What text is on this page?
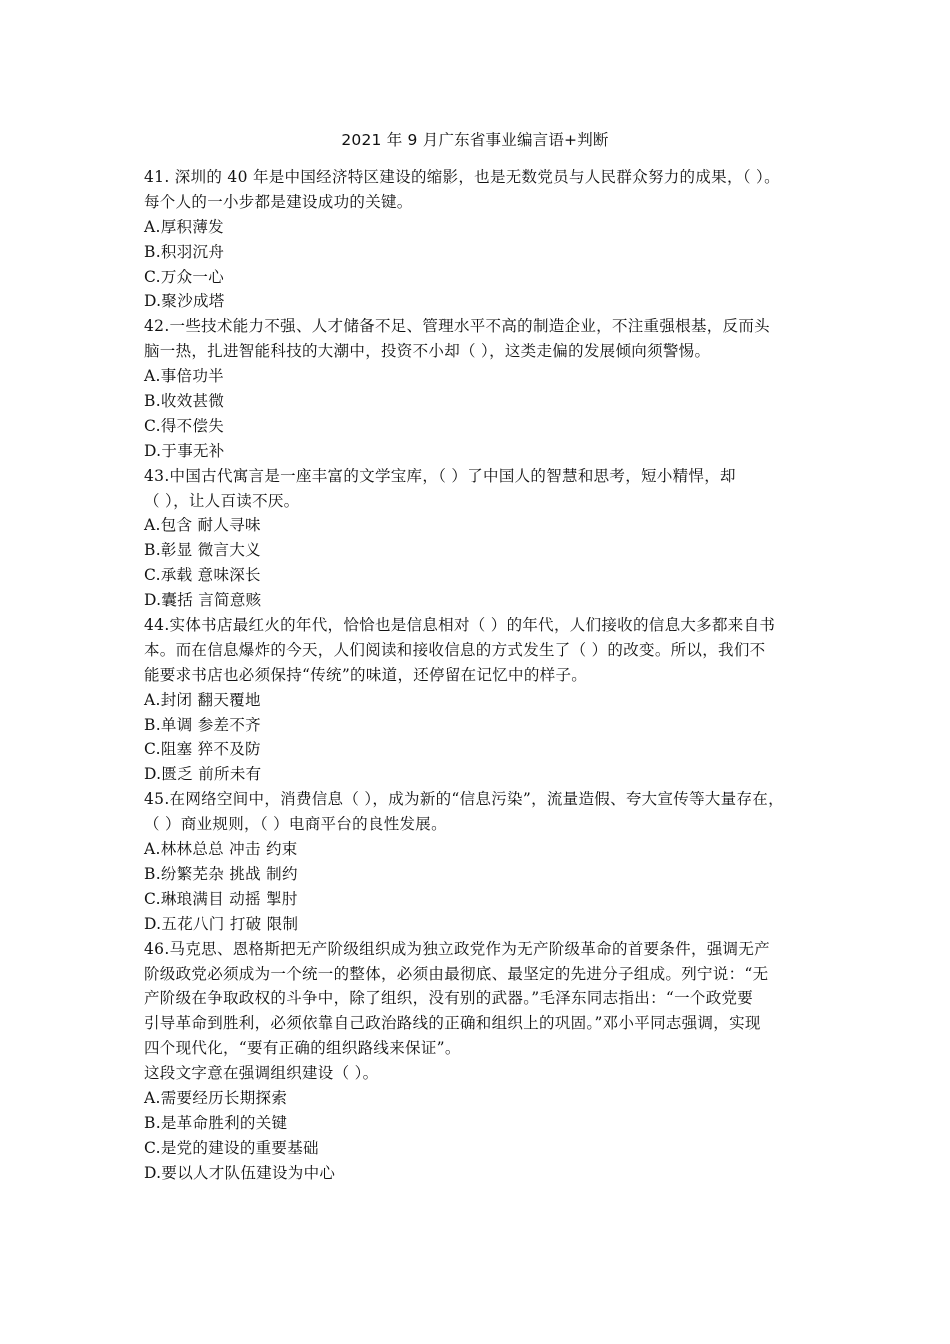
2021 年 9 月广东省事业编言语+判断
41. 深圳的 40 年是中国经济特区建设的缩影，也是无数党员与人民群众努力的成果，（ ）。
每个人的一小步都是建设成功的关键。
A.厚积薄发
B.积羽沉舟
C.万众一心
D.聚沙成塔
42.一些技术能力不强、人才储备不足、管理水平不高的制造企业，不注重强根基，反而头
脑一热，扎进智能科技的大潮中，投资不小却（ ），这类走偏的发展倾向须警惕。
A.事倍功半
B.收效甚微
C.得不偿失
D.于事无补
43.中国古代寓言是一座丰富的文学宝库，（ ）了中国人的智慧和思考，短小精悍，却
（ ），让人百读不厌。
A.包含 耐人寻味
B.彰显 微言大义
C.承载 意味深长
D.囊括 言简意赅
44.实体书店最红火的年代，恰恰也是信息相对（ ）的年代，人们接收的信息大多都来自书
本。而在信息爆炸的今天，人们阅读和接收信息的方式发生了（ ）的改变。所以，我们不
能要求书店也必须保持“传统”的味道，还停留在记忆中的样子。
A.封闭 翻天覆地
B.单调 参差不齐
C.阻塞 猝不及防
D.匮乏 前所未有
45.在网络空间中，消费信息（ ），成为新的“信息污染”，流量造假、夸大宣传等大量存在，
（ ）商业规则，（ ）电商平台的良性发展。
A.林林总总 冲击 约束
B.纷繁芜杂 挑战 制约
C.琳琅满目 动摇 掣肘
D.五花八门 打破 限制
46.马克思、恩格斯把无产阶级组织成为独立政党作为无产阶级革命的首要条件，强调无产
阶级政党必须成为一个统一的整体，必须由最彻底、最坚定的先进分子组成。列宁说：“无
产阶级在争取政权的斗争中，除了组织，没有别的武器。”毛泽东同志指出：“一个政党要
引导革命到胜利，必须依靠自己政治路线的正确和组织上的巩固。”邓小平同志强调，实现
四个现代化，“要有正确的组织路线来保证”。
这段文字意在强调组织建设（ ）。
A.需要经历长期探索
B.是革命胜利的关键
C.是党的建设的重要基础
D.要以人才队伍建设为中心
